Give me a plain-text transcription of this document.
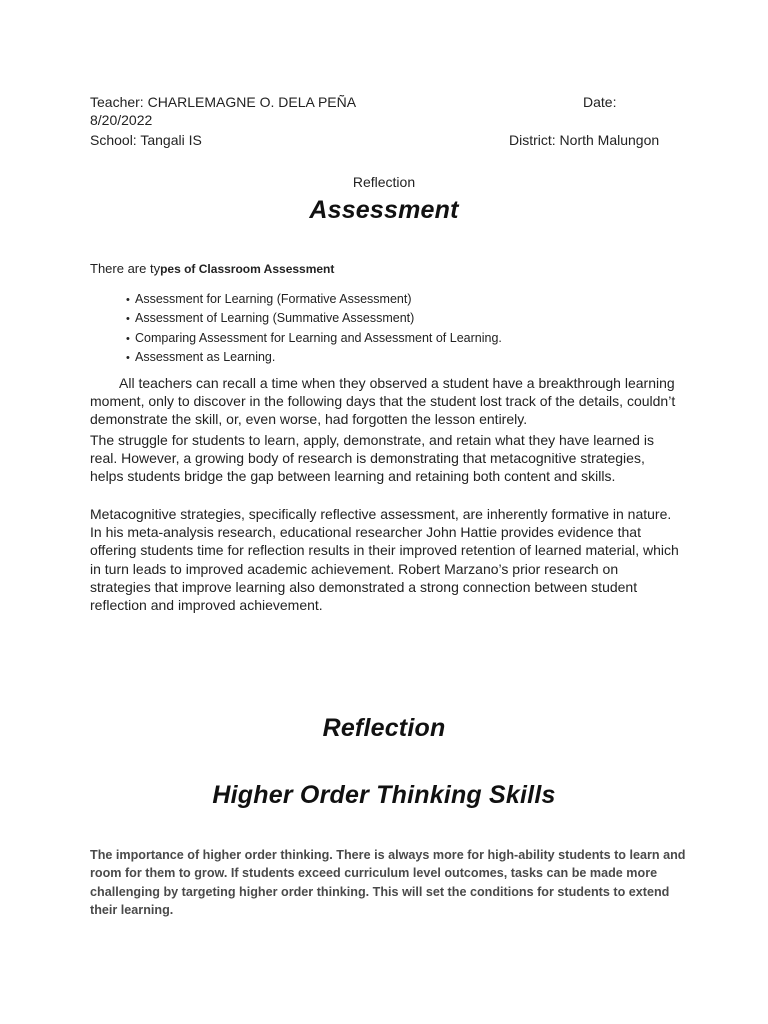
Teacher: CHARLEMAGNE O. DELA PEÑA	Date:
8/20/2022
School: Tangali IS	District: North Malungon
Reflection
Assessment
There are types of Classroom Assessment
• Assessment for Learning (Formative Assessment)
• Assessment of Learning (Summative Assessment)
• Comparing Assessment for Learning and Assessment of Learning.
• Assessment as Learning.

All teachers can recall a time when they observed a student have a breakthrough learning moment, only to discover in the following days that the student lost track of the details, couldn’t demonstrate the skill, or, even worse, had forgotten the lesson entirely.

The struggle for students to learn, apply, demonstrate, and retain what they have learned is real. However, a growing body of research is demonstrating that metacognitive strategies, helps students bridge the gap between learning and retaining both content and skills.

Metacognitive strategies, specifically reflective assessment, are inherently formative in nature. In his meta-analysis research, educational researcher John Hattie provides evidence that offering students time for reflection results in their improved retention of learned material, which in turn leads to improved academic achievement. Robert Marzano’s prior research on strategies that improve learning also demonstrated a strong connection between student reflection and improved achievement.

Reflection
Higher Order Thinking Skills

The importance of higher order thinking. There is always more for high-ability students to learn and room for them to grow. If students exceed curriculum level outcomes, tasks can be made more challenging by targeting higher order thinking. This will set the conditions for students to extend their learning.
